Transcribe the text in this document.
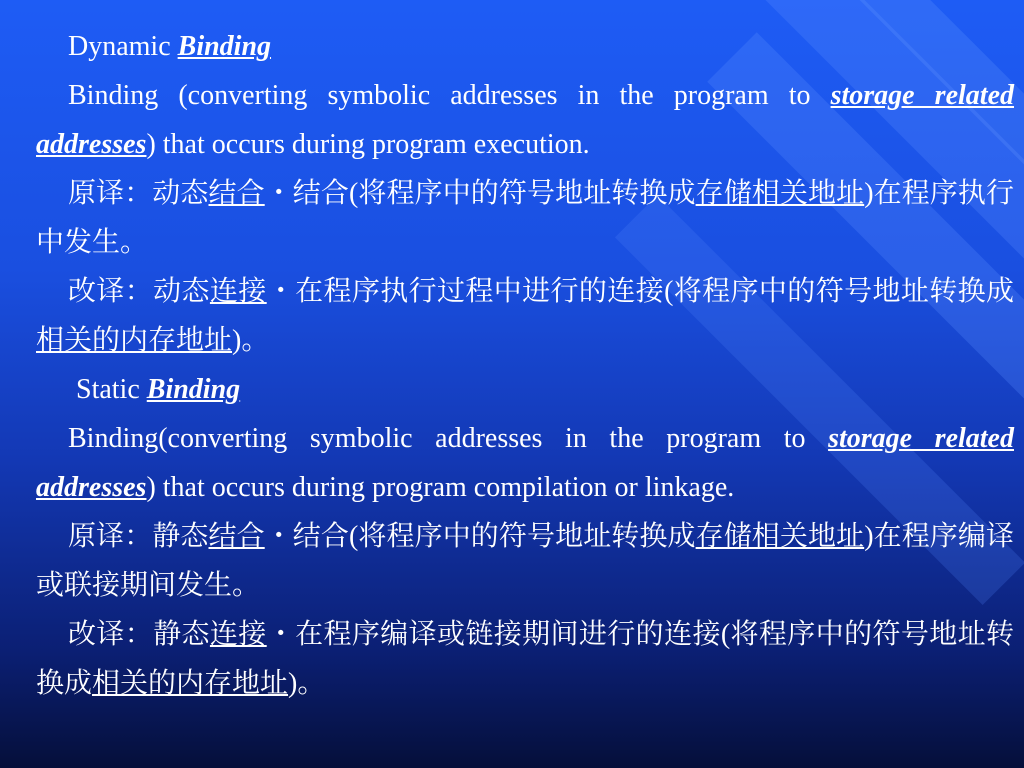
Dynamic Binding

Binding (converting symbolic addresses in the program to storage related addresses) that occurs during program execution.

原译：动态结合・结合(将程序中的符号地址转换成存储相关地址)在程序执行中发生。

改译：动态连接・在程序执行过程中进行的连接(将程序中的符号地址转换成相关的内存地址)。

Static Binding

Binding(converting symbolic addresses in the program to storage related addresses) that occurs during program compilation or linkage.

原译：静态结合・结合(将程序中的符号地址转换成存储相关地址)在程序编译或联接期间发生。

改译：静态连接・在程序编译或链接期间进行的连接(将程序中的符号地址转换成相关的内存地址)。
